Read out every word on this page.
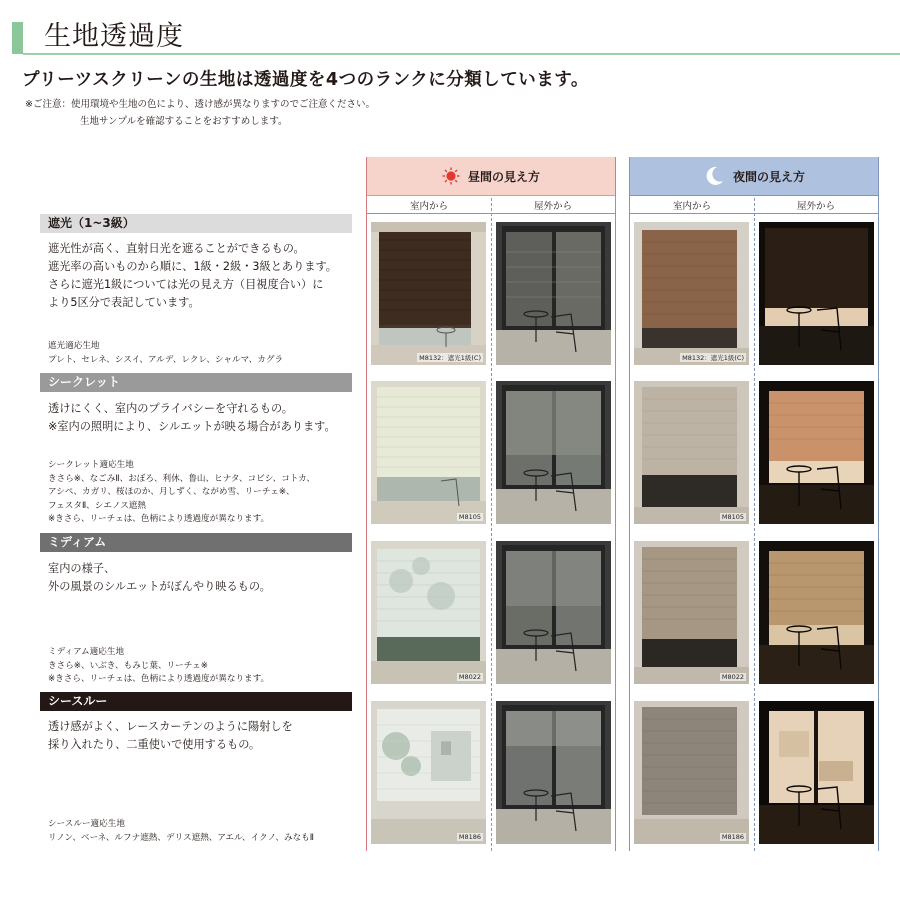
生地透過度
プリーツスクリーンの生地は透過度を4つのランクに分類しています。
※ご注意：使用環境や生地の色により、透け感が異なりますのでご注意ください。
生地サンプルを確認することをおすすめします。
昼間の見え方
室内から	屋外から
夜間の見え方
室内から	屋外から
遮光（1~3級）
遮光性が高く、直射日光を遮ることができるもの。
遮光率の高いものから順に、1級・2級・3級とあります。
さらに遮光1級については光の見え方（目視度合い）に
より5区分で表記しています。
遮光適応生地
プレト、セレネ、シスイ、アルデ、レクレ、シャルマ、カグラ	M8132：遮光1級(C)	M8132：遮光1級(C)
シークレット
透けにくく、室内のプライバシーを守れるもの。
※室内の照明により、シルエットが映る場合があります。
シークレット適応生地
きさら※、なごみⅡ、おぼろ、利休、鲁山、ヒナタ、コビシ、コトカ、
アシペ、カガリ、桜ほのか、月しずく、ながめ雪、リーチェ※、
フェスタⅡ、シエノス遮熱
※きさら、リーチェは、色柄により透過度が異なります。	M8105	M8105
ミディアム
室内の様子、
外の風景のシルエットがぼんやり映るもの。
ミディアム適応生地
きさら※、いぶき、もみじ葉、リーチェ※
※きさら、リーチェは、色柄により透過度が異なります。	M8022	M8022
シースルー
透け感がよく、レースカーテンのように陽射しを
採り入れたり、二重使いで使用するもの。
シースルー適応生地
リノン、ベーネ、ルフナ遮熱、デリス遮熱、アエル、イクノ、みなもⅡ	M8186	M8186
